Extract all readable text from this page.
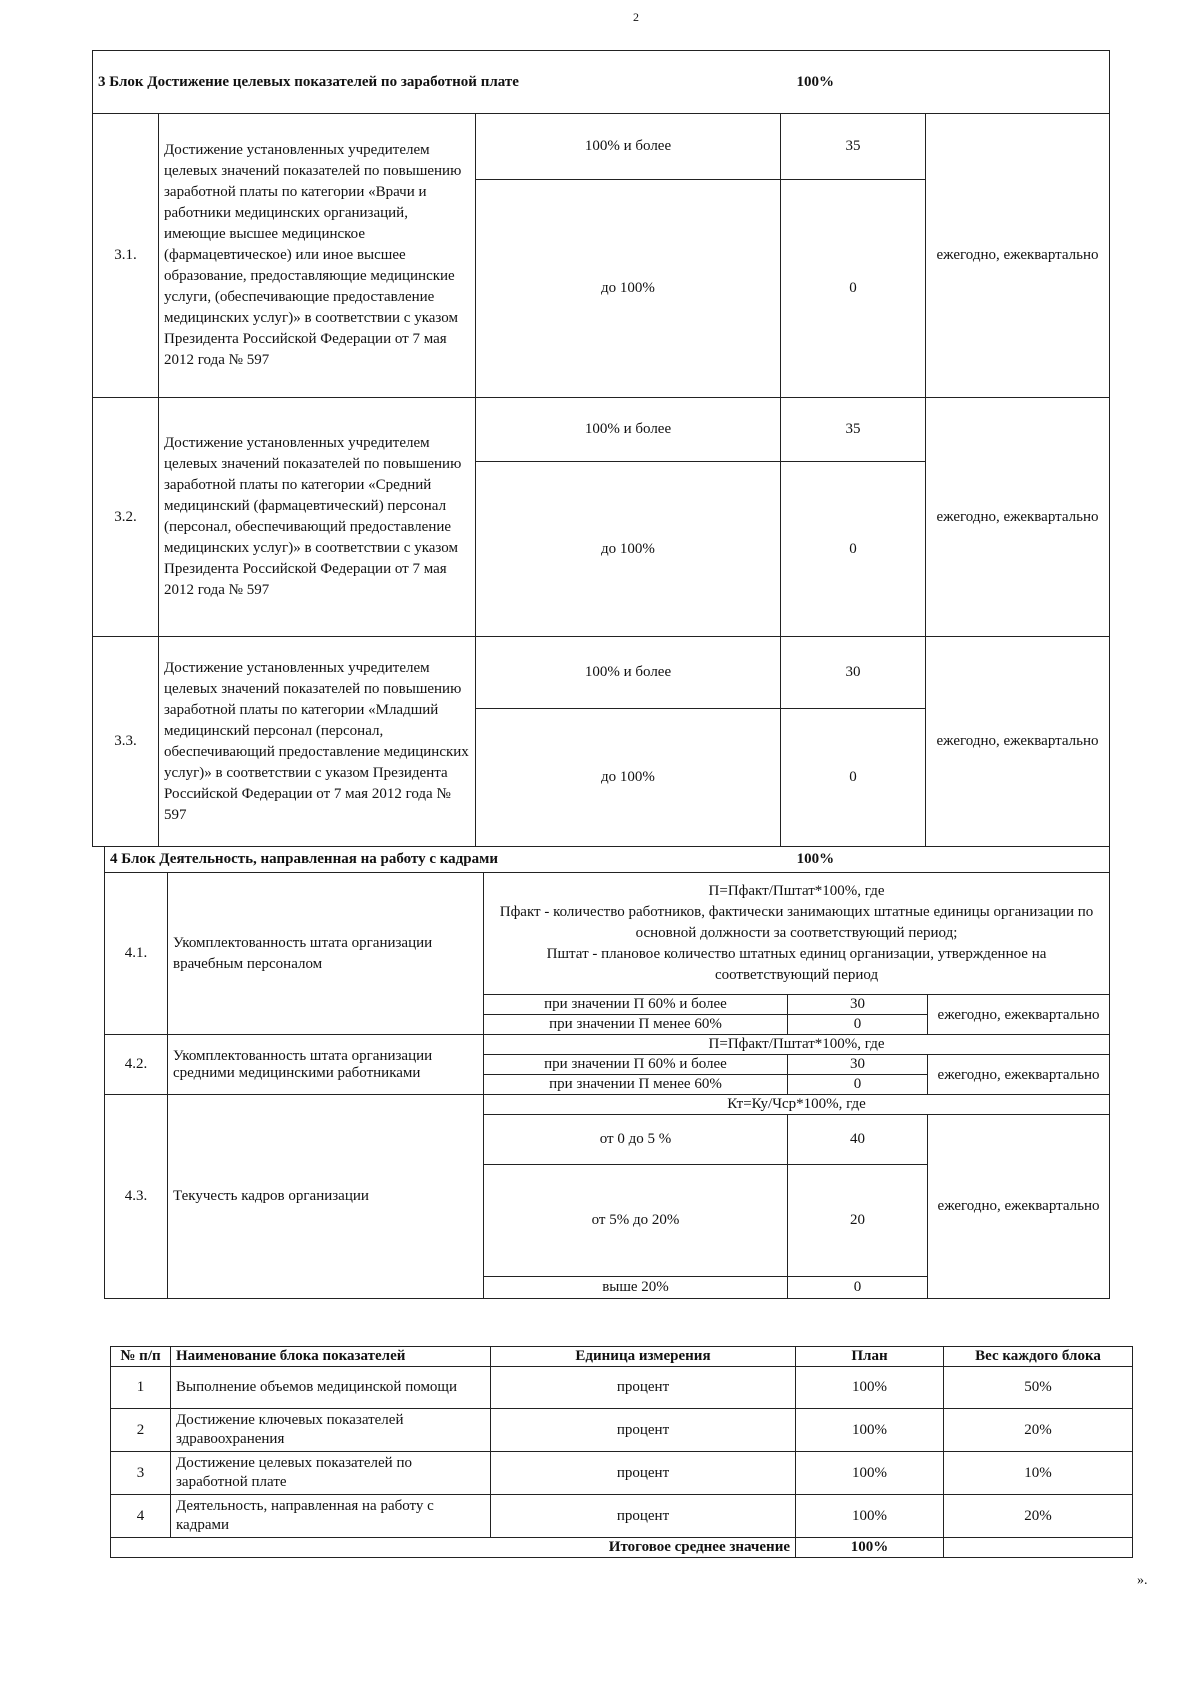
2
3 Блок Достижение целевых показателей по заработной плате 100%				

3.1.	Достижение установленных учредителем целевых значений показателей по повышению заработной платы по категории «Врачи и работники медицинских организаций, имеющие высшее медицинское (фармацевтическое) или иное высшее образование, предоставляющие медицинские услуги, (обеспечивающие предоставление медицинских услуг)» в соответствии с указом Президента Российской Федерации от 7 мая 2012 года № 597	100% и более	35	ежегодно, ежеквартально
		до 100%	0	
3.2.	Достижение установленных учредителем целевых значений показателей по повышению заработной платы по категории «Средний медицинский (фармацевтический) персонал (персонал, обеспечивающий предоставление медицинских услуг)» в соответствии с указом Президента Российской Федерации от 7 мая 2012 года № 597	100% и более	35	ежегодно, ежеквартально
		до 100%	0	
3.3.	Достижение установленных учредителем целевых значений показателей по повышению заработной платы по категории «Младший медицинский персонал (персонал, обеспечивающий предоставление медицинских услуг)» в соответствии с указом Президента Российской Федерации от 7 мая 2012 года № 597	100% и более	30	ежегодно, ежеквартально
		до 100%	0	
4 Блок Деятельность, направленная на работу с кадрами 100%				

4.1.	Укомплектованность штата организации врачебным персоналом	П=Пфакт/Пштат*100%, где
Пфакт - количество работников, фактически занимающих штатные единицы организации по основной должности за соответствующий период;
Пштат - плановое количество штатных единиц организации, утвержденное на соответствующий период		

		при значении П 60% и более	30	ежегодно, ежеквартально
		при значении П менее 60%	0	
4.2.	Укомплектованность штата организации средними медицинскими работниками	П=Пфакт/Пштат*100%, где		
		при значении П 60% и более	30	ежегодно, ежеквартально
		при значении П менее 60%	0	
4.3.	Текучесть кадров организации	Кт=Ку/Чср*100%, где		
		от 0 до 5 %	40	ежегодно, ежеквартально
		от 5% до 20%	20	
		выше 20%	0	
№ п/п	Наименование блока показателей	Единица измерения	План	Вес каждого блока
1	Выполнение объемов медицинской помощи	процент	100%	50%
2	Достижение ключевых показателей здравоохранения	процент	100%	20%
3	Достижение целевых показателей по заработной плате	процент	100%	10%
4	Деятельность, направленная на работу с кадрами	процент	100%	20%
Итоговое среднее значение			100%	
».
